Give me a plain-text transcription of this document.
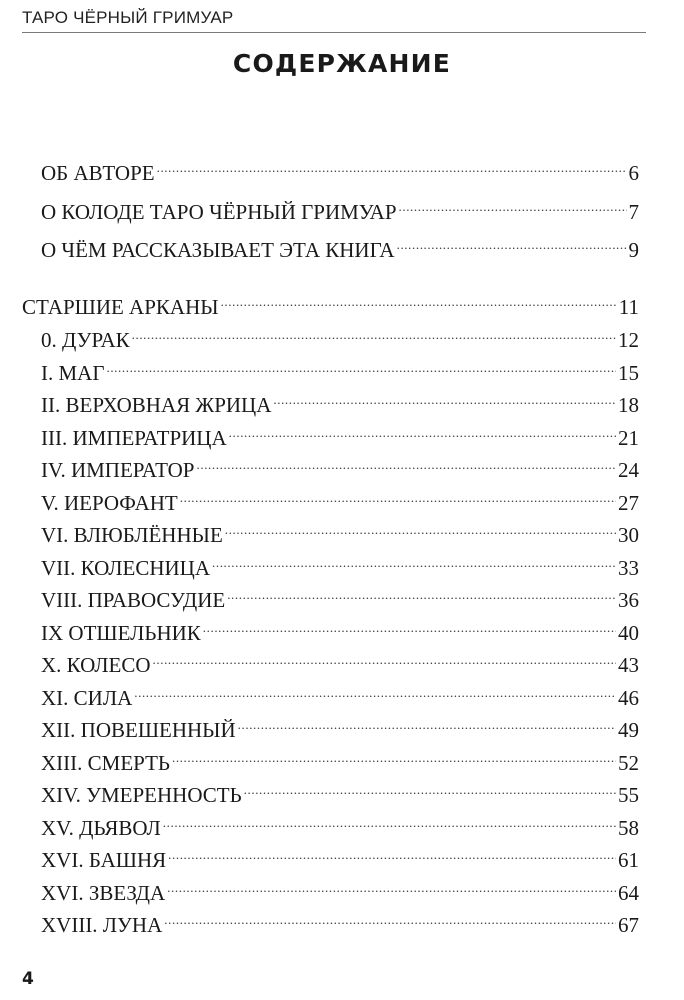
ТАРО ЧЁРНЫЙ ГРИМУАР
СОДЕРЖАНИЕ
ОБ АВТОРЕ .....	6
О КОЛОДЕ ТАРО ЧЁРНЫЙ ГРИМУАР .....	7
О ЧЁМ РАССКАЗЫВАЕТ ЭТА КНИГА .....	9
СТАРШИЕ АРКАНЫ .....	11
0. ДУРАК .....	12
I. МАГ .....	15
II. ВЕРХОВНАЯ ЖРИЦА .....	18
III. ИМПЕРАТРИЦА .....	21
IV. ИМПЕРАТОР .....	24
V. ИЕРОФАНТ .....	27
VI. ВЛЮБЛЁННЫЕ .....	30
VII. КОЛЕСНИЦА .....	33
VIII. ПРАВОСУДИЕ .....	36
IX ОТШЕЛЬНИК .....	40
X. КОЛЕСО .....	43
XI. СИЛА .....	46
XII. ПОВЕШЕННЫЙ .....	49
XIII. СМЕРТЬ .....	52
XIV. УМЕРЕННОСТЬ .....	55
XV. ДЬЯВОЛ .....	58
XVI. БАШНЯ .....	61
XVI. ЗВЕЗДА .....	64
XVIII. ЛУНА .....	67
4
